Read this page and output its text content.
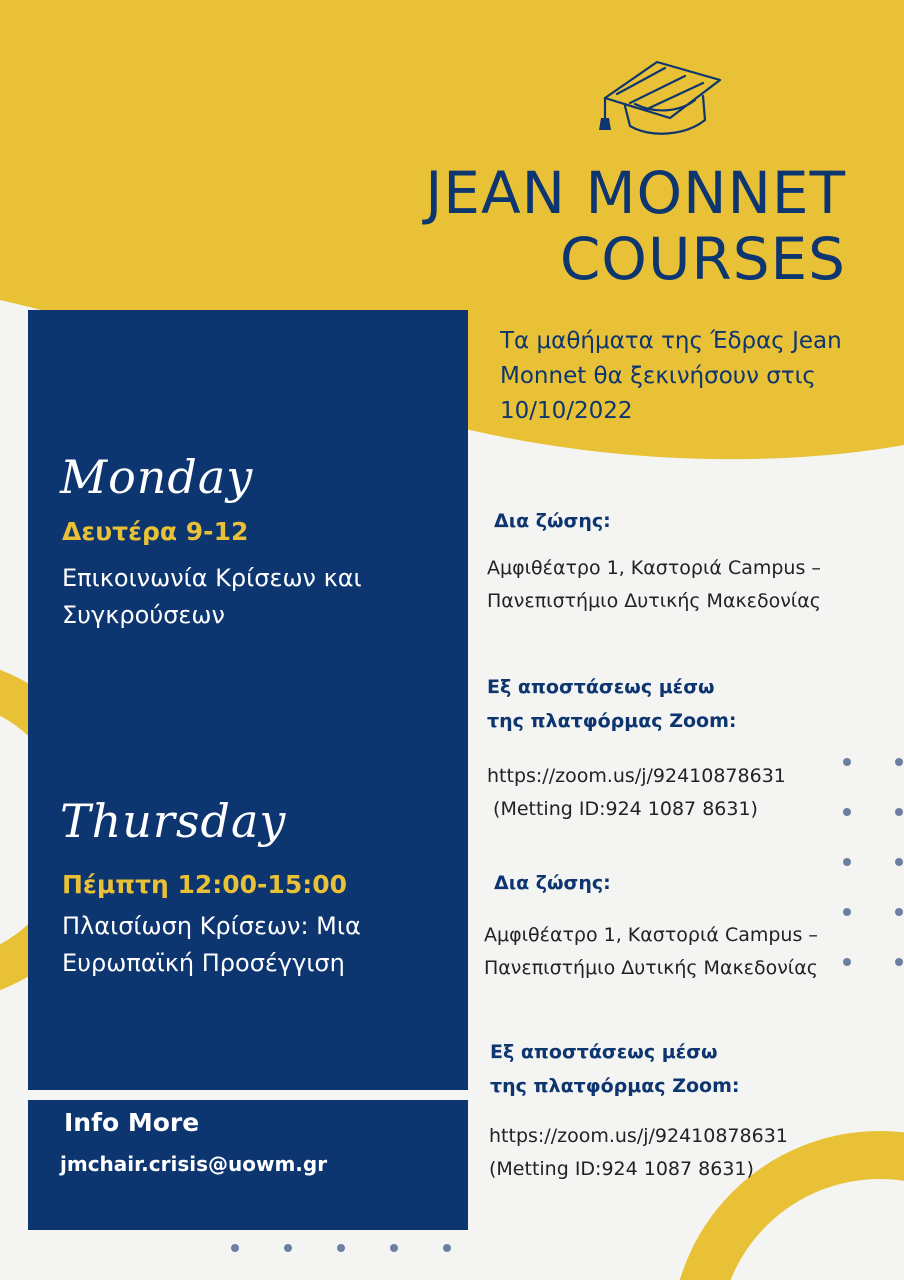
JEAN MONNET
COURSES
Τα μαθήματα της Έδρας Jean Monnet θα ξεκινήσουν στις 10/10/2022
Monday
Δευτέρα 9-12
Επικοινωνία Κρίσεων και Συγκρούσεων
Thursday
Πέμπτη 12:00-15:00
Πλαισίωση Κρίσεων: Μια Ευρωπαϊκή Προσέγγιση
Info More
jmchair.crisis@uowm.gr
Δια ζώσης:
Αμφιθέατρο 1, Καστοριά Campus –
Πανεπιστήμιο Δυτικής Μακεδονίας
Εξ αποστάσεως μέσω
της πλατφόρμας Zoom:
https://zoom.us/j/92410878631
(Metting ID:924 1087 8631)
Δια ζώσης:
Αμφιθέατρο 1, Καστοριά Campus –
Πανεπιστήμιο Δυτικής Μακεδονίας
Εξ αποστάσεως μέσω
της πλατφόρμας Zoom:
https://zoom.us/j/92410878631
(Metting ID:924 1087 8631)
